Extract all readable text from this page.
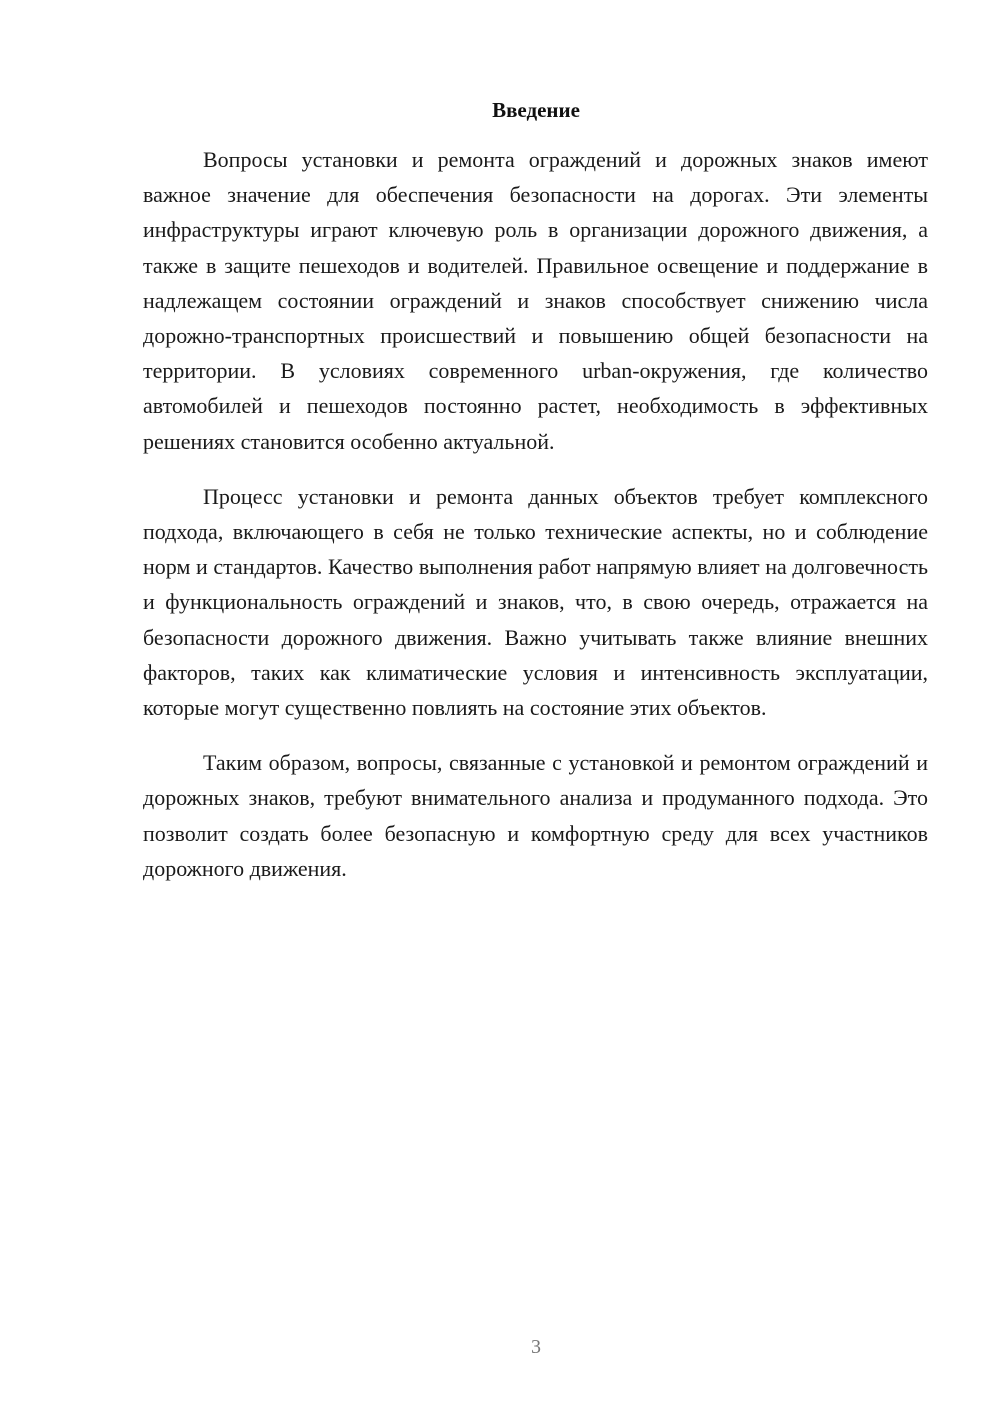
Введение

Вопросы установки и ремонта ограждений и дорожных знаков имеют важное значение для обеспечения безопасности на дорогах. Эти элементы инфраструктуры играют ключевую роль в организации дорожного движения, а также в защите пешеходов и водителей. Правильное освещение и поддержание в надлежащем состоянии ограждений и знаков способствует снижению числа дорожно-транспортных происшествий и повышению общей безопасности на территории. В условиях современного urban-окружения, где количество автомобилей и пешеходов постоянно растет, необходимость в эффективных решениях становится особенно актуальной.

Процесс установки и ремонта данных объектов требует комплексного подхода, включающего в себя не только технические аспекты, но и соблюдение норм и стандартов. Качество выполнения работ напрямую влияет на долговечность и функциональность ограждений и знаков, что, в свою очередь, отражается на безопасности дорожного движения. Важно учитывать также влияние внешних факторов, таких как климатические условия и интенсивность эксплуатации, которые могут существенно повлиять на состояние этих объектов.

Таким образом, вопросы, связанные с установкой и ремонтом ограждений и дорожных знаков, требуют внимательного анализа и продуманного подхода. Это позволит создать более безопасную и комфортную среду для всех участников дорожного движения.

3
